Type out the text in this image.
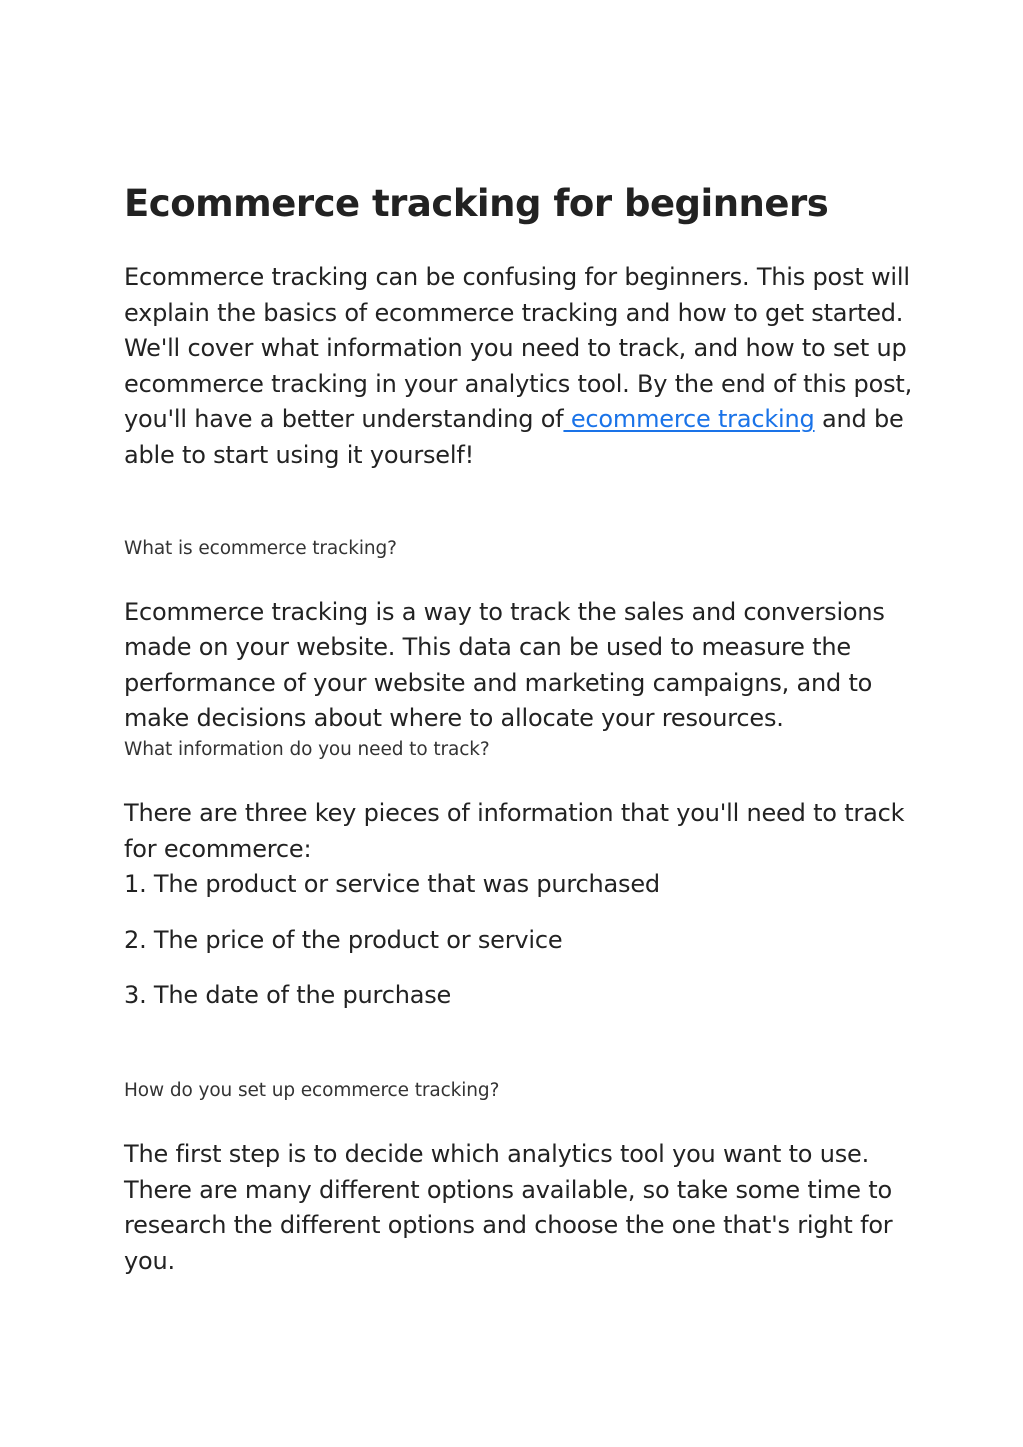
Ecommerce tracking for beginners

Ecommerce tracking can be confusing for beginners. This post will explain the basics of ecommerce tracking and how to get started. We'll cover what information you need to track, and how to set up ecommerce tracking in your analytics tool. By the end of this post, you'll have a better understanding of ecommerce tracking and be able to start using it yourself!

What is ecommerce tracking?

Ecommerce tracking is a way to track the sales and conversions made on your website. This data can be used to measure the performance of your website and marketing campaigns, and to make decisions about where to allocate your resources.

What information do you need to track?

There are three key pieces of information that you'll need to track for ecommerce:

1. The product or service that was purchased
2. The price of the product or service
3. The date of the purchase
How do you set up ecommerce tracking?

The first step is to decide which analytics tool you want to use. There are many different options available, so take some time to research the different options and choose the one that's right for you.
